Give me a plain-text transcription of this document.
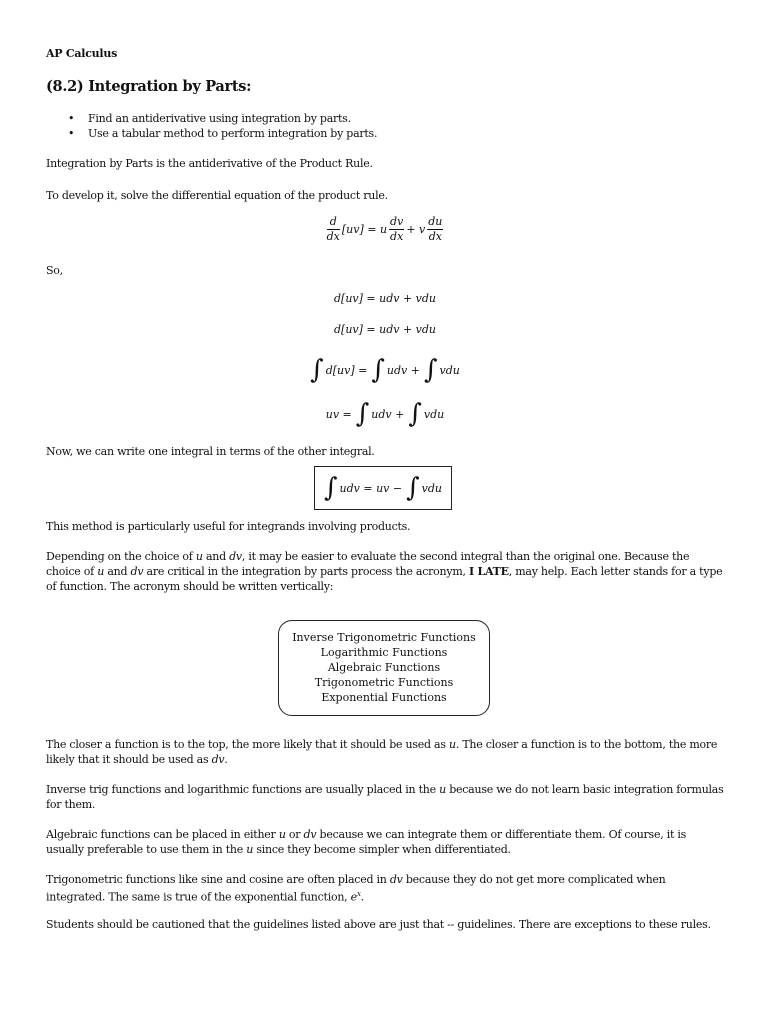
AP Calculus
(8.2) Integration by Parts:
• Find an antiderivative using integration by parts.
• Use a tabular method to perform integration by parts.
Integration by Parts is the antiderivative of the Product Rule.
To develop it, solve the differential equation of the product rule.
$\frac{d}{dx} [uv] = u \frac{dv}{dx} + v \frac{du}{dx}$
So,
d[uv] = udv + vdu
d[uv] = udv + vdu
∫ d[uv] = ∫ udv + ∫ vdu
uv = ∫ udv + ∫ vdu
Now, we can write one integral in terms of the other integral.
∫ udv = uv − ∫ vdu
This method is particularly useful for integrands involving products.
Depending on the choice of u and dv, it may be easier to evaluate the second integral than the original one. Because the choice of u and dv are critical in the integration by parts process the acronym, I LATE, may help. Each letter stands for a type of function. The acronym should be written vertically:
Inverse Trigonometric Functions
Logarithmic Functions
Algebraic Functions
Trigonometric Functions
Exponential Functions
The closer a function is to the top, the more likely that it should be used as u. The closer a function is to the bottom, the more likely that it should be used as dv.
Inverse trig functions and logarithmic functions are usually placed in the u because we do not learn basic integration formulas for them.
Algebraic functions can be placed in either u or dv because we can integrate them or differentiate them. Of course, it is usually preferable to use them in the u since they become simpler when differentiated.
Trigonometric functions like sine and cosine are often placed in dv because they do not get more complicated when integrated. The same is true of the exponential function, $e^x$.
Students should be cautioned that the guidelines listed above are just that -- guidelines. There are exceptions to these rules.
